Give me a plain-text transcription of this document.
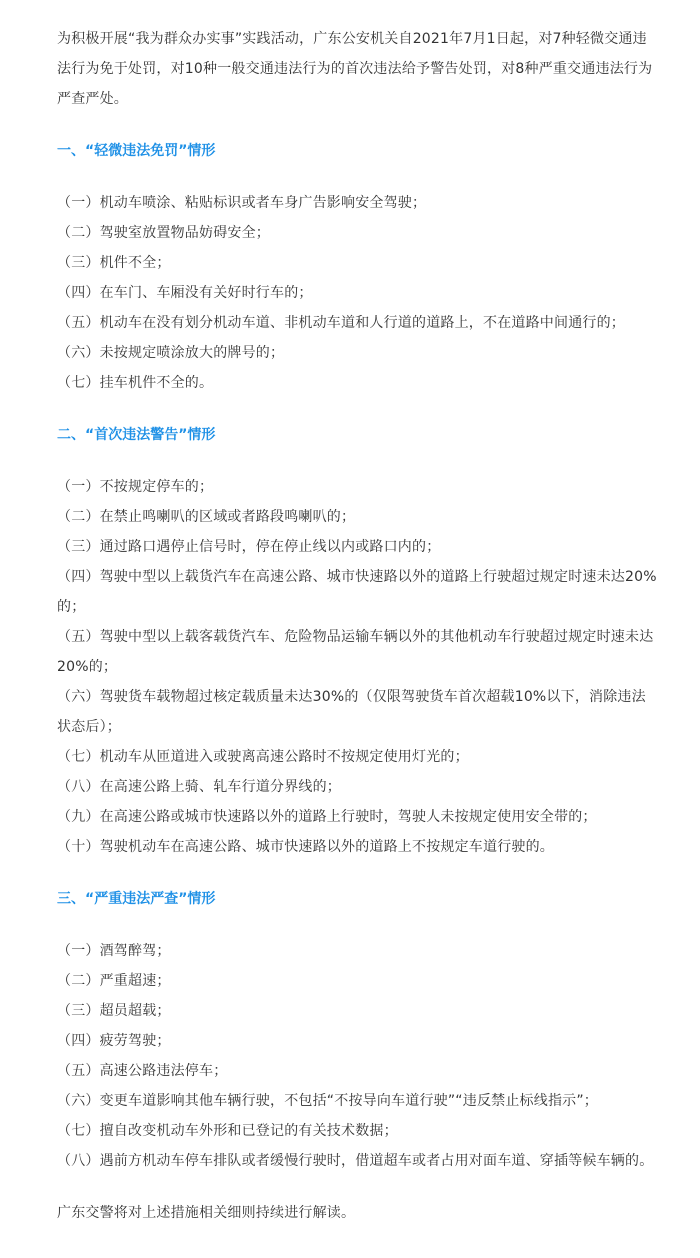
为积极开展“我为群众办实事”实践活动，广东公安机关自2021年7月1日起，对7种轻微交通违法行为免于处罚，对10种一般交通违法行为的首次违法给予警告处罚，对8种严重交通违法行为严查严处。

一、“轻微违法免罚”情形

（一）机动车喷涂、粘贴标识或者车身广告影响安全驾驶；

（二）驾驶室放置物品妨碍安全；

（三）机件不全；

（四）在车门、车厢没有关好时行车的；

（五）机动车在没有划分机动车道、非机动车道和人行道的道路上，不在道路中间通行的；

（六）未按规定喷涂放大的牌号的；

（七）挂车机件不全的。

二、“首次违法警告”情形

（一）不按规定停车的；

（二）在禁止鸣喇叭的区域或者路段鸣喇叭的；

（三）通过路口遇停止信号时，停在停止线以内或路口内的；

（四）驾驶中型以上载货汽车在高速公路、城市快速路以外的道路上行驶超过规定时速未达20%的；

（五）驾驶中型以上载客载货汽车、危险物品运输车辆以外的其他机动车行驶超过规定时速未达20%的；

（六）驾驶货车载物超过核定载质量未达30%的（仅限驾驶货车首次超载10%以下，消除违法状态后）；

（七）机动车从匝道进入或驶离高速公路时不按规定使用灯光的；

（八）在高速公路上骑、轧车行道分界线的；

（九）在高速公路或城市快速路以外的道路上行驶时，驾驶人未按规定使用安全带的；

（十）驾驶机动车在高速公路、城市快速路以外的道路上不按规定车道行驶的。

三、“严重违法严查”情形

（一）酒驾醉驾；

（二）严重超速；

（三）超员超载；

（四）疲劳驾驶；

（五）高速公路违法停车；

（六）变更车道影响其他车辆行驶，不包括“不按导向车道行驶”“违反禁止标线指示”；

（七）擅自改变机动车外形和已登记的有关技术数据；

（八）遇前方机动车停车排队或者缓慢行驶时，借道超车或者占用对面车道、穿插等候车辆的。

广东交警将对上述措施相关细则持续进行解读。
